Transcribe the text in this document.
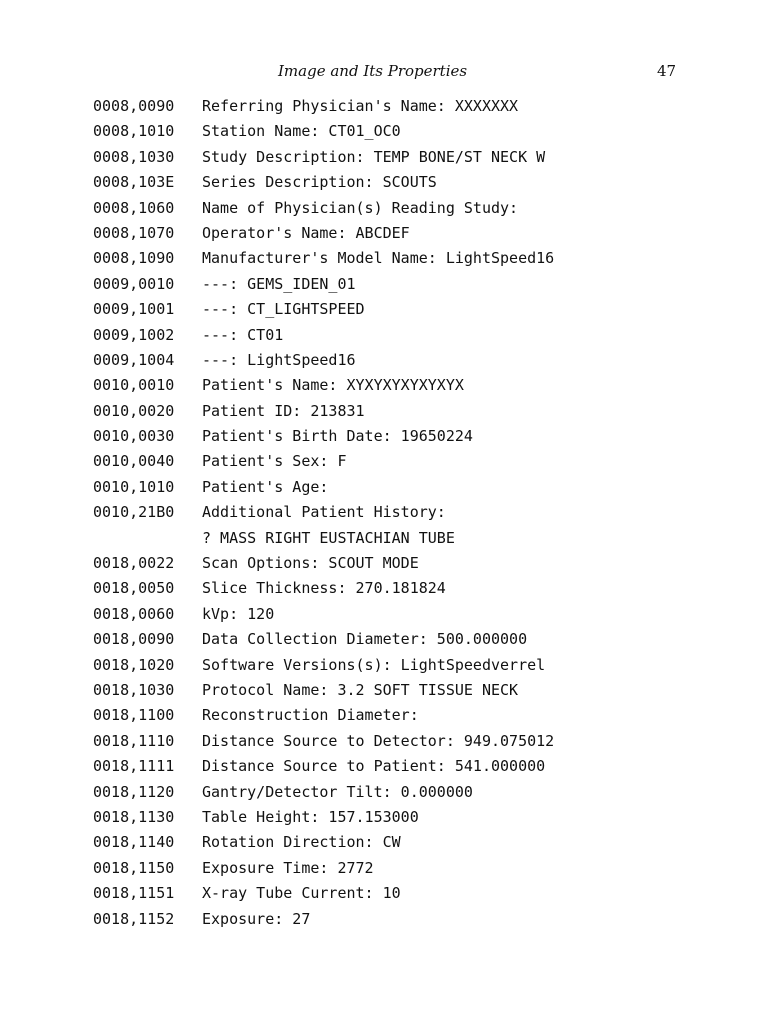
Image and Its Properties	47
0008,0090	Referring Physician's Name: XXXXXXX
0008,1010	Station Name: CT01_OC0
0008,1030	Study Description: TEMP BONE/ST NECK W
0008,103E	Series Description: SCOUTS
0008,1060	Name of Physician(s) Reading Study:
0008,1070	Operator's Name: ABCDEF
0008,1090	Manufacturer's Model Name: LightSpeed16
0009,0010	---: GEMS_IDEN_01
0009,1001	---: CT_LIGHTSPEED
0009,1002	---: CT01
0009,1004	---: LightSpeed16
0010,0010	Patient's Name: XYXYXYXYXYXYX
0010,0020	Patient ID: 213831
0010,0030	Patient's Birth Date: 19650224
0010,0040	Patient's Sex: F
0010,1010	Patient's Age:
0010,21B0	Additional Patient History:
? MASS RIGHT EUSTACHIAN TUBE
0018,0022	Scan Options: SCOUT MODE
0018,0050	Slice Thickness: 270.181824
0018,0060	kVp: 120
0018,0090	Data Collection Diameter: 500.000000
0018,1020	Software Versions(s): LightSpeedverrel
0018,1030	Protocol Name: 3.2 SOFT TISSUE NECK
0018,1100	Reconstruction Diameter:
0018,1110	Distance Source to Detector: 949.075012
0018,1111	Distance Source to Patient: 541.000000
0018,1120	Gantry/Detector Tilt: 0.000000
0018,1130	Table Height: 157.153000
0018,1140	Rotation Direction: CW
0018,1150	Exposure Time: 2772
0018,1151	X-ray Tube Current: 10
0018,1152	Exposure: 27
